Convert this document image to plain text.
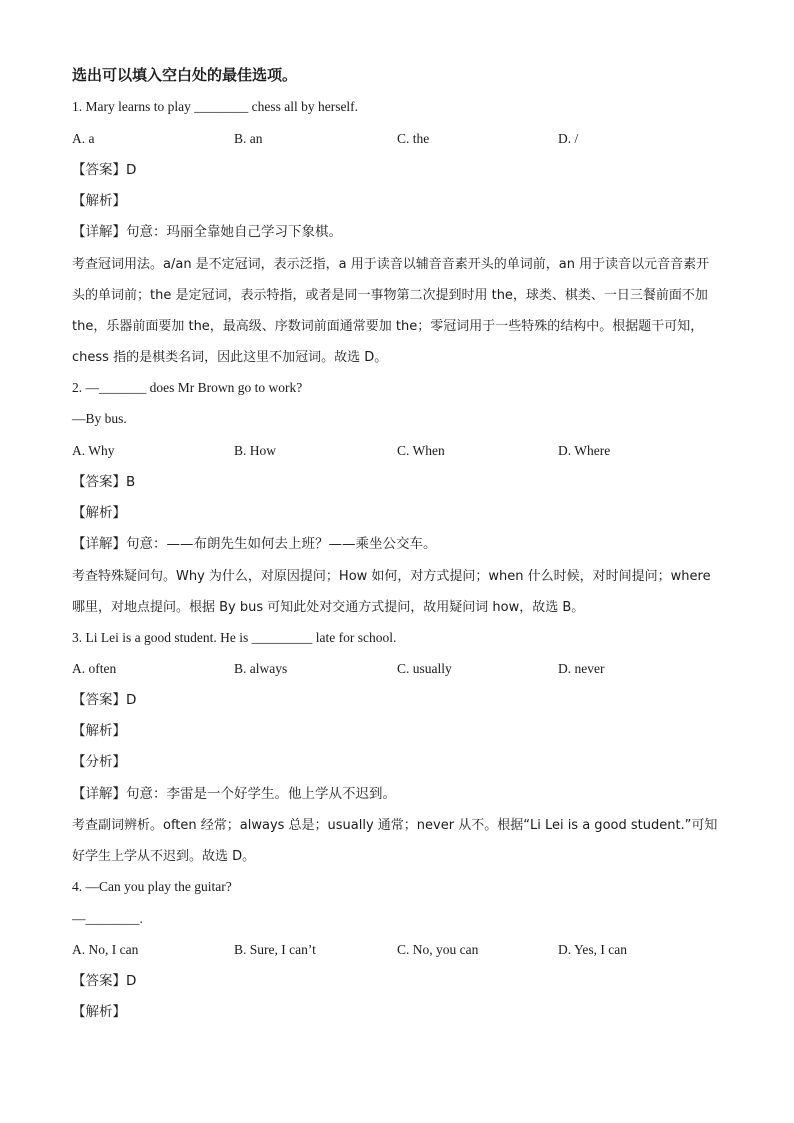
选出可以填入空白处的最佳选项。
1. Mary learns to play ________ chess all by herself.
A. a	B. an	C. the	D. /
【答案】D
【解析】
【详解】句意：玛丽全靠她自己学习下象棋。
考查冠词用法。a/an 是不定冠词，表示泛指，a 用于读音以辅音音素开头的单词前，an 用于读音以元音音素开头的单词前；the 是定冠词，表示特指，或者是同一事物第二次提到时用 the，球类、棋类、一日三餐前面不加 the，乐器前面要加 the，最高级、序数词前面通常要加 the；零冠词用于一些特殊的结构中。根据题干可知，chess 指的是棋类名词，因此这里不加冠词。故选 D。
2. —_______ does Mr Brown go to work?
—By bus.
A. Why	B. How	C. When	D. Where
【答案】B
【解析】
【详解】句意：——布朗先生如何去上班？——乘坐公交车。
考查特殊疑问句。Why 为什么，对原因提问；How 如何，对方式提问；when 什么时候，对时间提问；where 哪里，对地点提问。根据 By bus 可知此处对交通方式提问，故用疑问词 how，故选 B。
3. Li Lei is a good student. He is _________ late for school.
A. often	B. always	C. usually	D. never
【答案】D
【解析】
【分析】
【详解】句意：李雷是一个好学生。他上学从不迟到。
考查副词辨析。often 经常；always 总是；usually 通常；never 从不。根据“Li Lei is a good student.”可知好学生上学从不迟到。故选 D。
4. —Can you play the guitar?
—________.
A. No, I can	B. Sure, I can’t	C. No, you can	D. Yes, I can
【答案】D
【解析】
